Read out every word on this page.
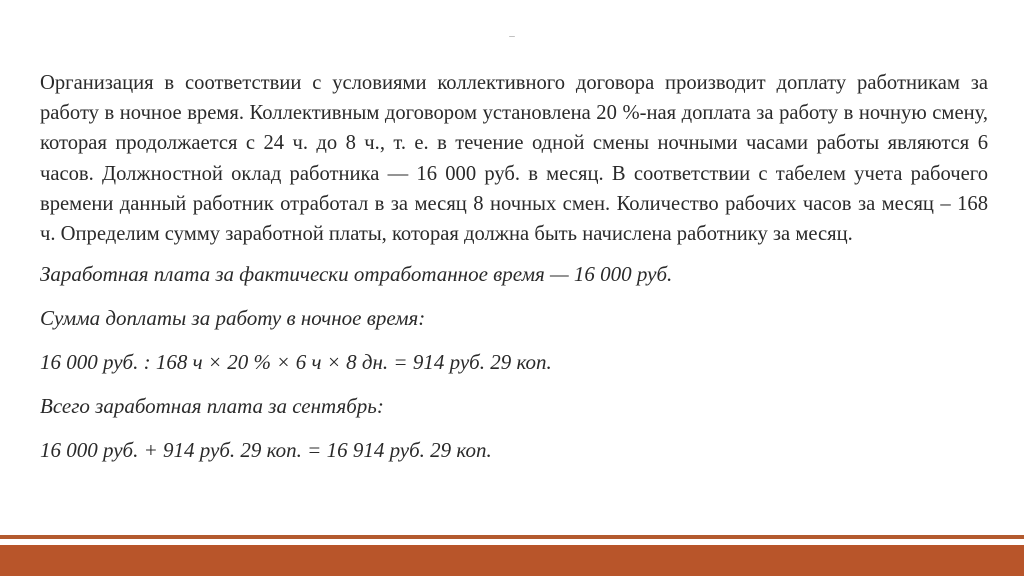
–

Организация в соответствии с условиями коллективного договора производит доплату работникам за работу в ночное время. Коллективным договором установлена 20 %-ная доплата за работу в ночную смену, которая продолжается с 24 ч. до 8 ч., т. е. в течение одной смены ночными часами работы являются 6 часов. Должностной оклад работника — 16 000 руб. в месяц. В соответствии с табелем учета рабочего времени данный работник отработал в за месяц 8 ночных смен. Количество рабочих часов за месяц – 168 ч. Определим сумму заработной платы, которая должна быть начислена работнику за месяц.

Заработная плата за фактически отработанное время — 16 000 руб.

Сумма доплаты за работу в ночное время:

16 000 руб. : 168 ч × 20 % × 6 ч × 8 дн. = 914 руб. 29 коп.

Всего заработная плата за сентябрь:

16 000 руб. + 914 руб. 29 коп. = 16 914 руб. 29 коп.
